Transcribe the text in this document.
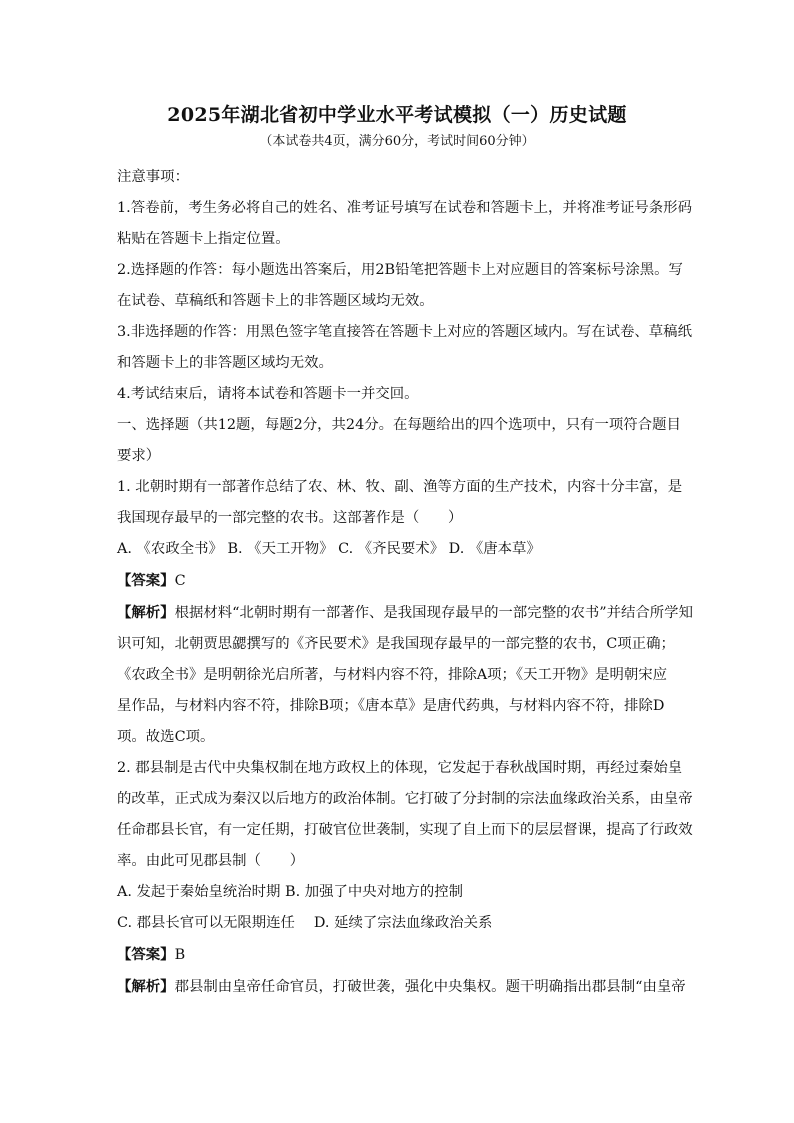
2025年湖北省初中学业水平考试模拟（一）历史试题

（本试卷共4页，满分60分，考试时间60分钟）

注意事项：

1.答卷前，考生务必将自己的姓名、准考证号填写在试卷和答题卡上，并将准考证号条形码

粘贴在答题卡上指定位置。

2.选择题的作答：每小题选出答案后，用2B铅笔把答题卡上对应题目的答案标号涂黑。写

在试卷、草稿纸和答题卡上的非答题区域均无效。

3.非选择题的作答：用黑色签字笔直接答在答题卡上对应的答题区域内。写在试卷、草稿纸

和答题卡上的非答题区域均无效。

4.考试结束后，请将本试卷和答题卡一并交回。

一、选择题（共12题，每题2分，共24分。在每题给出的四个选项中，只有一项符合题目

要求）

1. 北朝时期有一部著作总结了农、林、牧、副、渔等方面的生产技术，内容十分丰富，是

我国现存最早的一部完整的农书。这部著作是（　　）

A. 《农政全书》 B. 《天工开物》 C. 《齐民要术》 D. 《唐本草》

【答案】C

【解析】根据材料“北朝时期有一部著作、是我国现存最早的一部完整的农书”并结合所学知

识可知，北朝贾思勰撰写的《齐民要术》是我国现存最早的一部完整的农书，C项正确；

《农政全书》是明朝徐光启所著，与材料内容不符，排除A项；《天工开物》是明朝宋应

星作品，与材料内容不符，排除B项；《唐本草》是唐代药典，与材料内容不符，排除D

项。故选C项。

2. 郡县制是古代中央集权制在地方政权上的体现，它发起于春秋战国时期，再经过秦始皇

的改革，正式成为秦汉以后地方的政治体制。它打破了分封制的宗法血缘政治关系，由皇帝

任命郡县长官，有一定任期，打破官位世袭制，实现了自上而下的层层督课，提高了行政效

率。由此可见郡县制（　　）

A. 发起于秦始皇统治时期 B. 加强了中央对地方的控制

C. 郡县长官可以无限期连任　 D. 延续了宗法血缘政治关系

【答案】B

【解析】郡县制由皇帝任命官员，打破世袭，强化中央集权。题干明确指出郡县制“由皇帝
